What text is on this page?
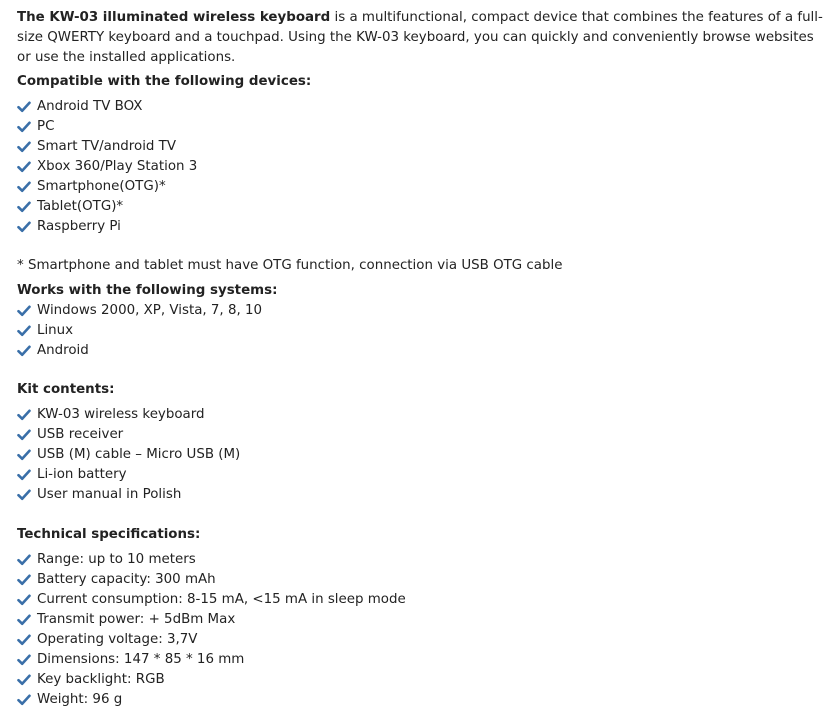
The KW-03 illuminated wireless keyboard is a multifunctional, compact device that combines the features of a full-size QWERTY keyboard and a touchpad. Using the KW-03 keyboard, you can quickly and conveniently browse websites or use the installed applications.

Compatible with the following devices:

Android TV BOX
PC
Smart TV/android TV
Xbox 360/Play Station 3
Smartphone(OTG)*
Tablet(OTG)*
Raspberry Pi

* Smartphone and tablet must have OTG function, connection via USB OTG cable

Works with the following systems:

Windows 2000, XP, Vista, 7, 8, 10
Linux
Android

Kit contents:

KW-03 wireless keyboard
USB receiver
USB (M) cable – Micro USB (M)
Li-ion battery
User manual in Polish

Technical specifications:

Range: up to 10 meters
Battery capacity: 300 mAh
Current consumption: 8-15 mA, <15 mA in sleep mode
Transmit power: + 5dBm Max
Operating voltage: 3,7V
Dimensions: 147 * 85 * 16 mm
Key backlight: RGB
Weight: 96 g
